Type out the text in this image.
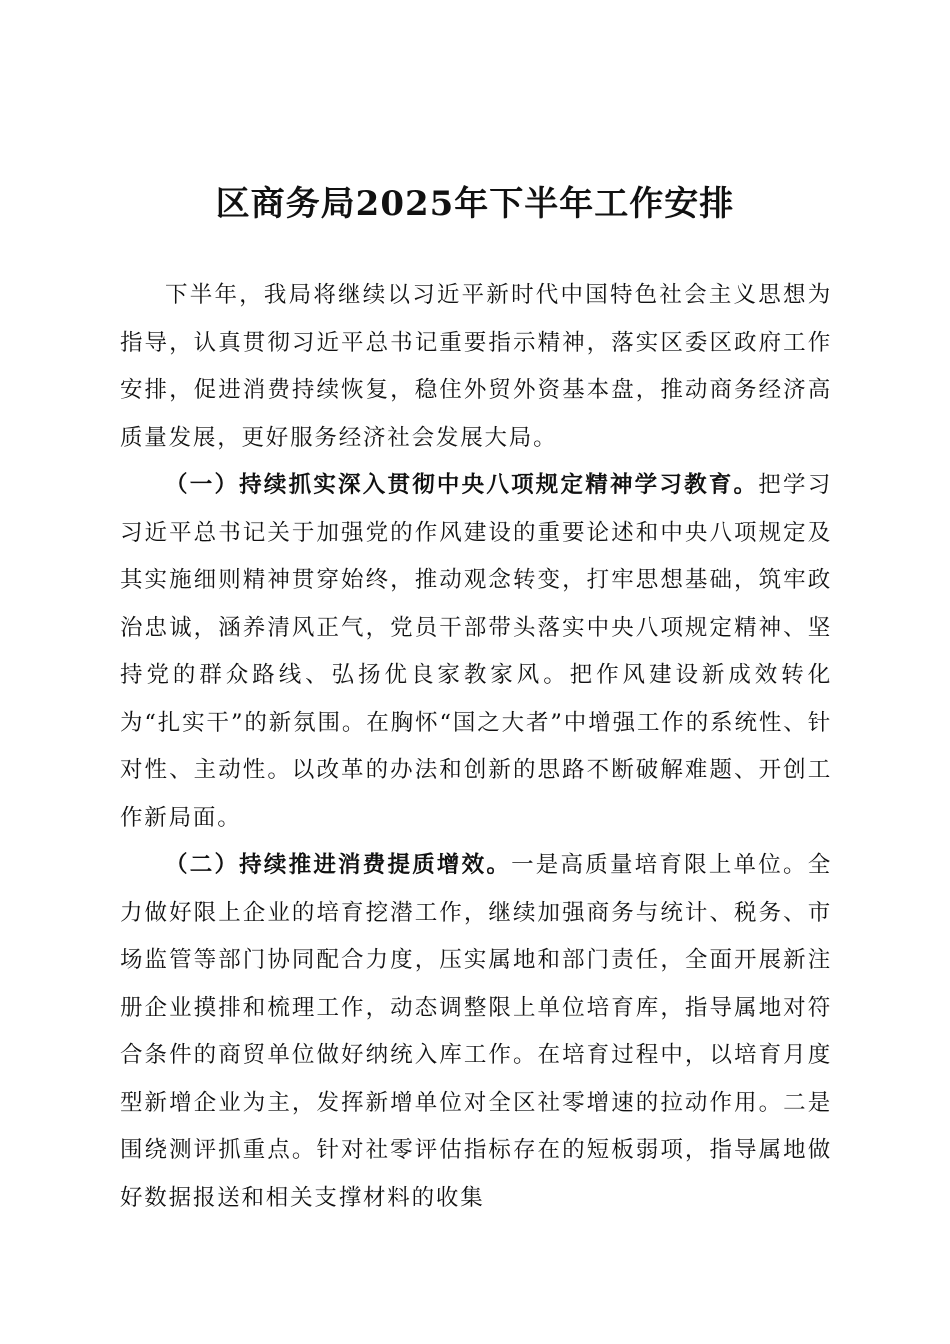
区商务局2025年下半年工作安排

下半年，我局将继续以习近平新时代中国特色社会主义思想为指导，认真贯彻习近平总书记重要指示精神，落实区委区政府工作安排，促进消费持续恢复，稳住外贸外资基本盘，推动商务经济高质量发展，更好服务经济社会发展大局。

（一）持续抓实深入贯彻中央八项规定精神学习教育。把学习习近平总书记关于加强党的作风建设的重要论述和中央八项规定及其实施细则精神贯穿始终，推动观念转变，打牢思想基础，筑牢政治忠诚，涵养清风正气，党员干部带头落实中央八项规定精神、坚持党的群众路线、弘扬优良家教家风。把作风建设新成效转化为“扎实干”的新氛围。在胸怀“国之大者”中增强工作的系统性、针对性、主动性。以改革的办法和创新的思路不断破解难题、开创工作新局面。

（二）持续推进消费提质增效。一是高质量培育限上单位。全力做好限上企业的培育挖潜工作，继续加强商务与统计、税务、市场监管等部门协同配合力度，压实属地和部门责任，全面开展新注册企业摸排和梳理工作，动态调整限上单位培育库，指导属地对符合条件的商贸单位做好纳统入库工作。在培育过程中，以培育月度型新增企业为主，发挥新增单位对全区社零增速的拉动作用。二是围绕测评抓重点。针对社零评估指标存在的短板弱项，指导属地做好数据报送和相关支撑材料的收集
